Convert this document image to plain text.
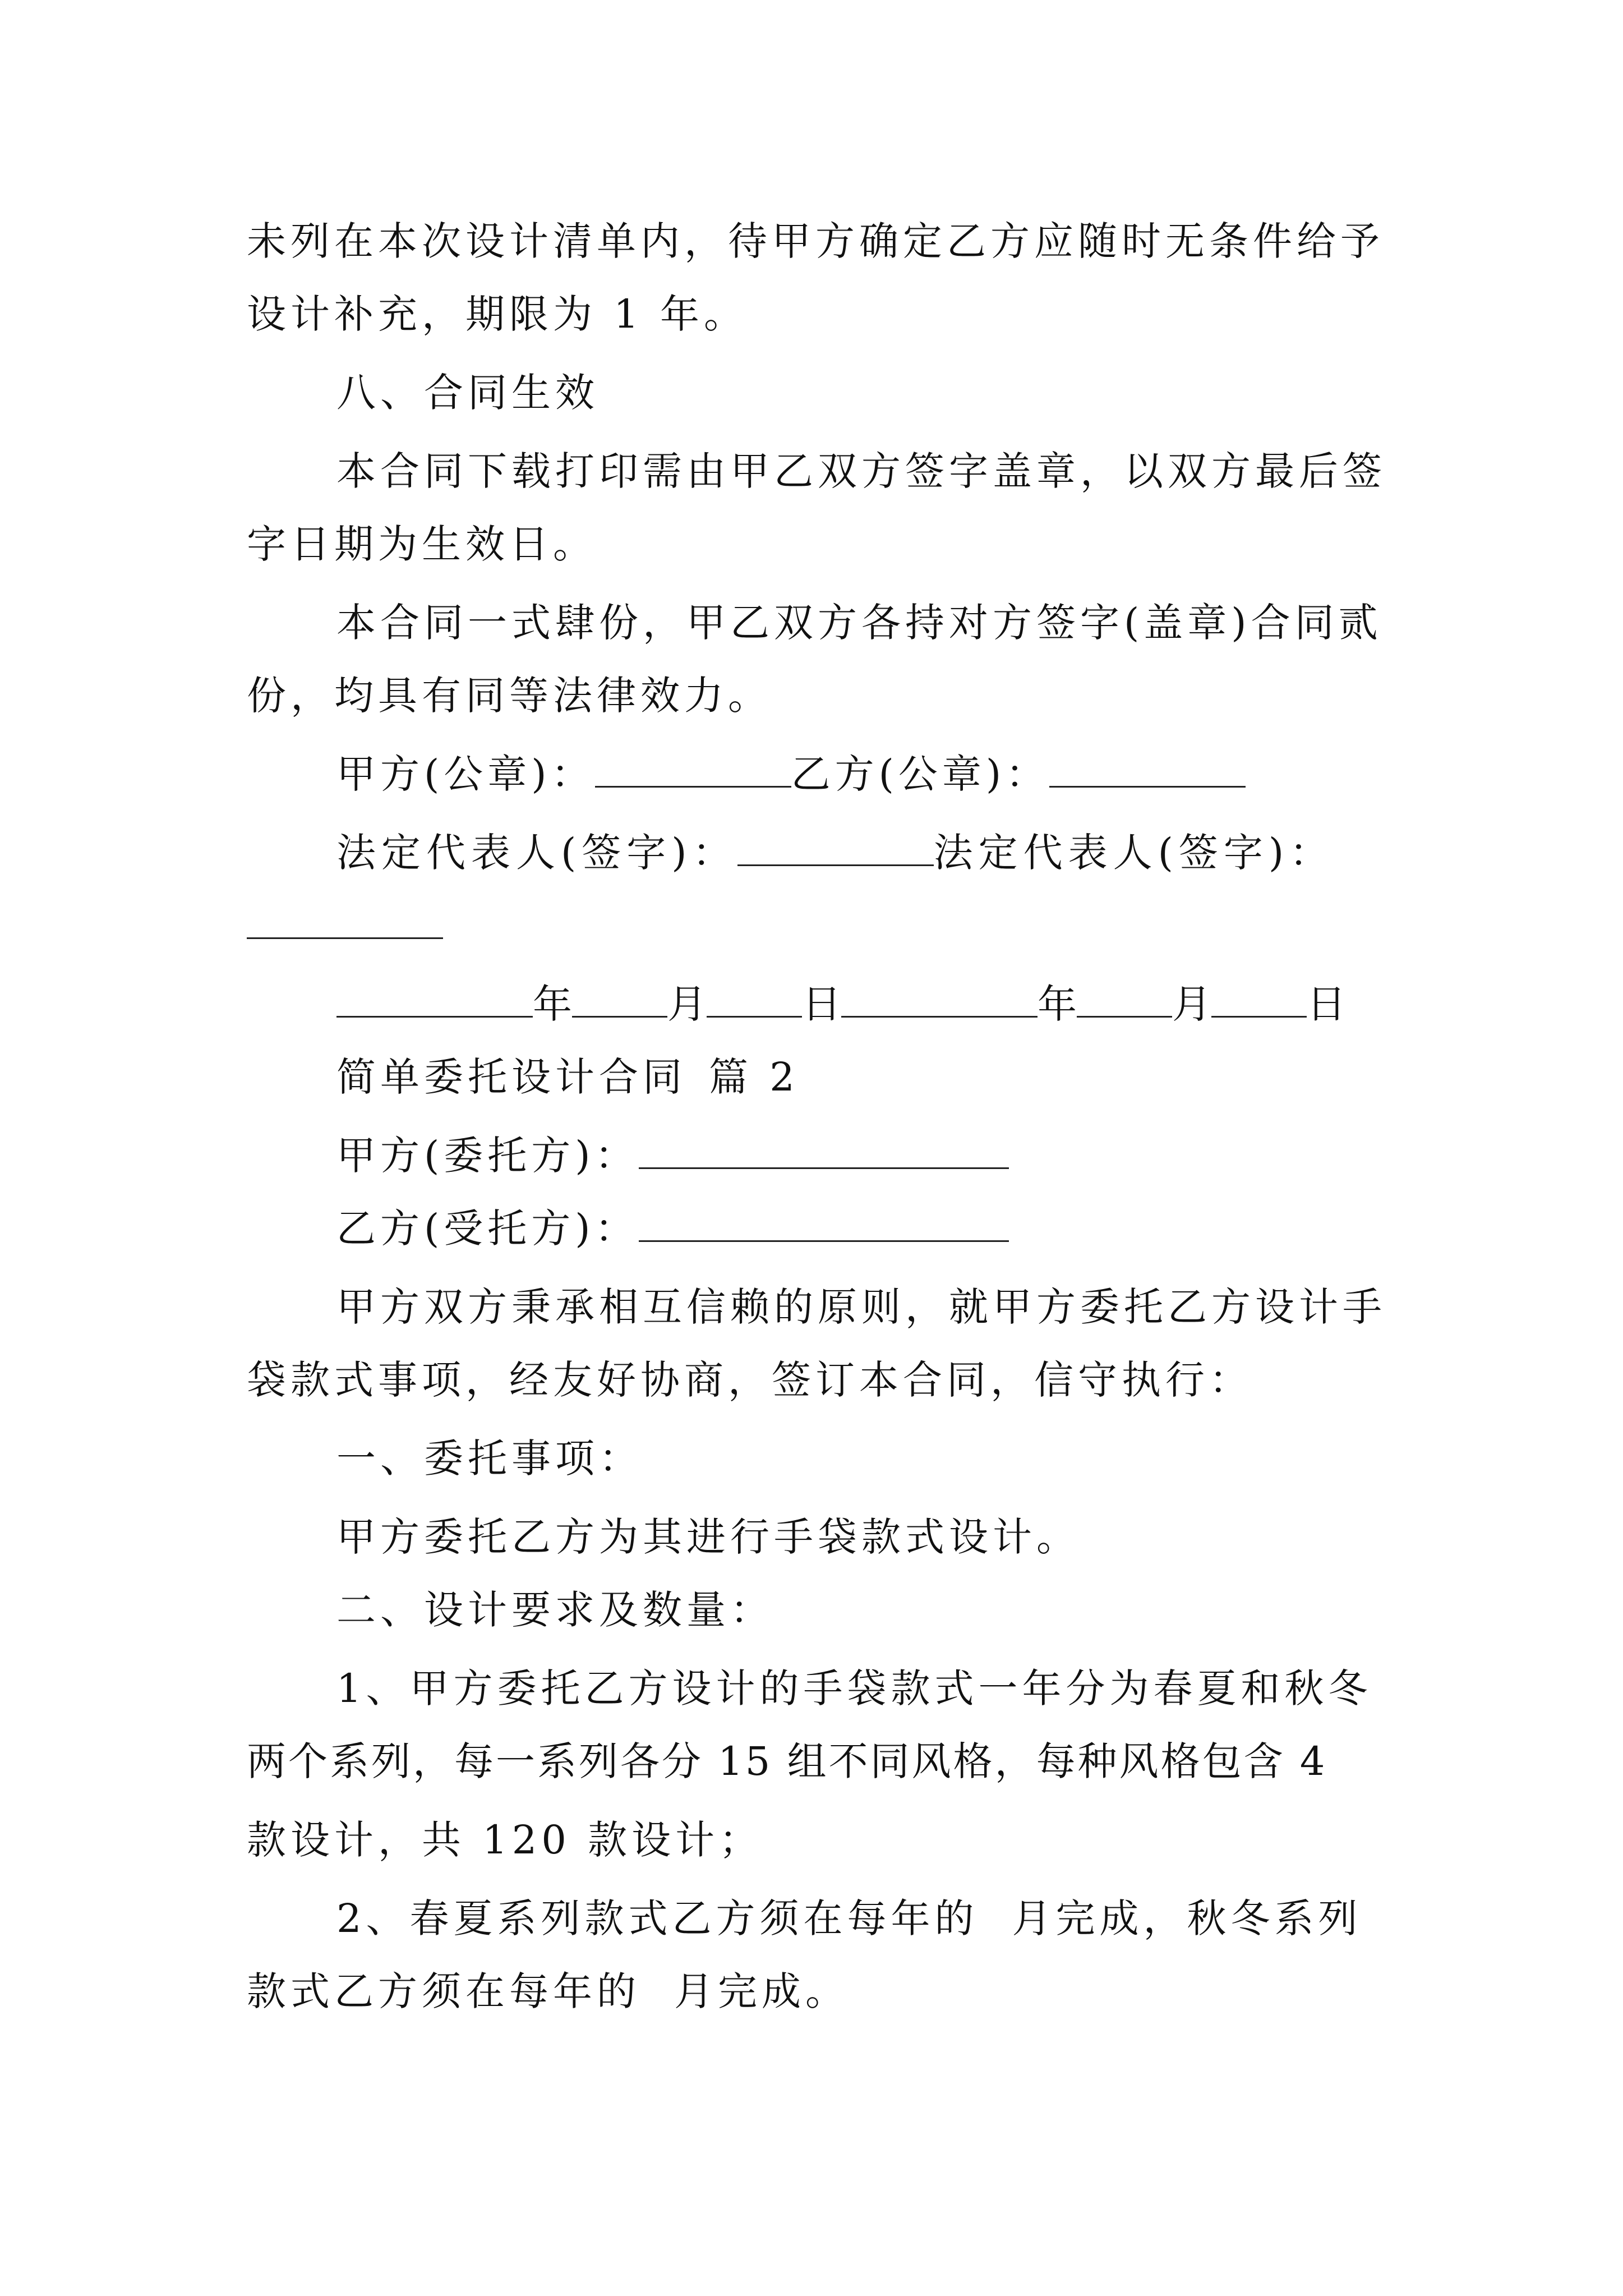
未列在本次设计清单内，待甲方确定乙方应随时无条件给予
设计补充，期限为 1 年。
八、合同生效
本合同下载打印需由甲乙双方签字盖章，以双方最后签
字日期为生效日。
本合同一式肆份，甲乙双方各持对方签字(盖章)合同贰
份，均具有同等法律效力。
甲方(公章)：	乙方(公章)：
法定代表人(签字)：	法定代表人(签字)：
年 月 日	年 月 日
简单委托设计合同 篇 2
甲方(委托方)：
乙方(受托方)：
甲方双方秉承相互信赖的原则，就甲方委托乙方设计手
袋款式事项，经友好协商，签订本合同，信守执行：
一、委托事项：
甲方委托乙方为其进行手袋款式设计。
二、设计要求及数量：
1、甲方委托乙方设计的手袋款式一年分为春夏和秋冬
两个系列，每一系列各分 15 组不同风格，每种风格包含 4
款设计，共 120 款设计；
2、春夏系列款式乙方须在每年的 月完成，秋冬系列
款式乙方须在每年的 月完成。
